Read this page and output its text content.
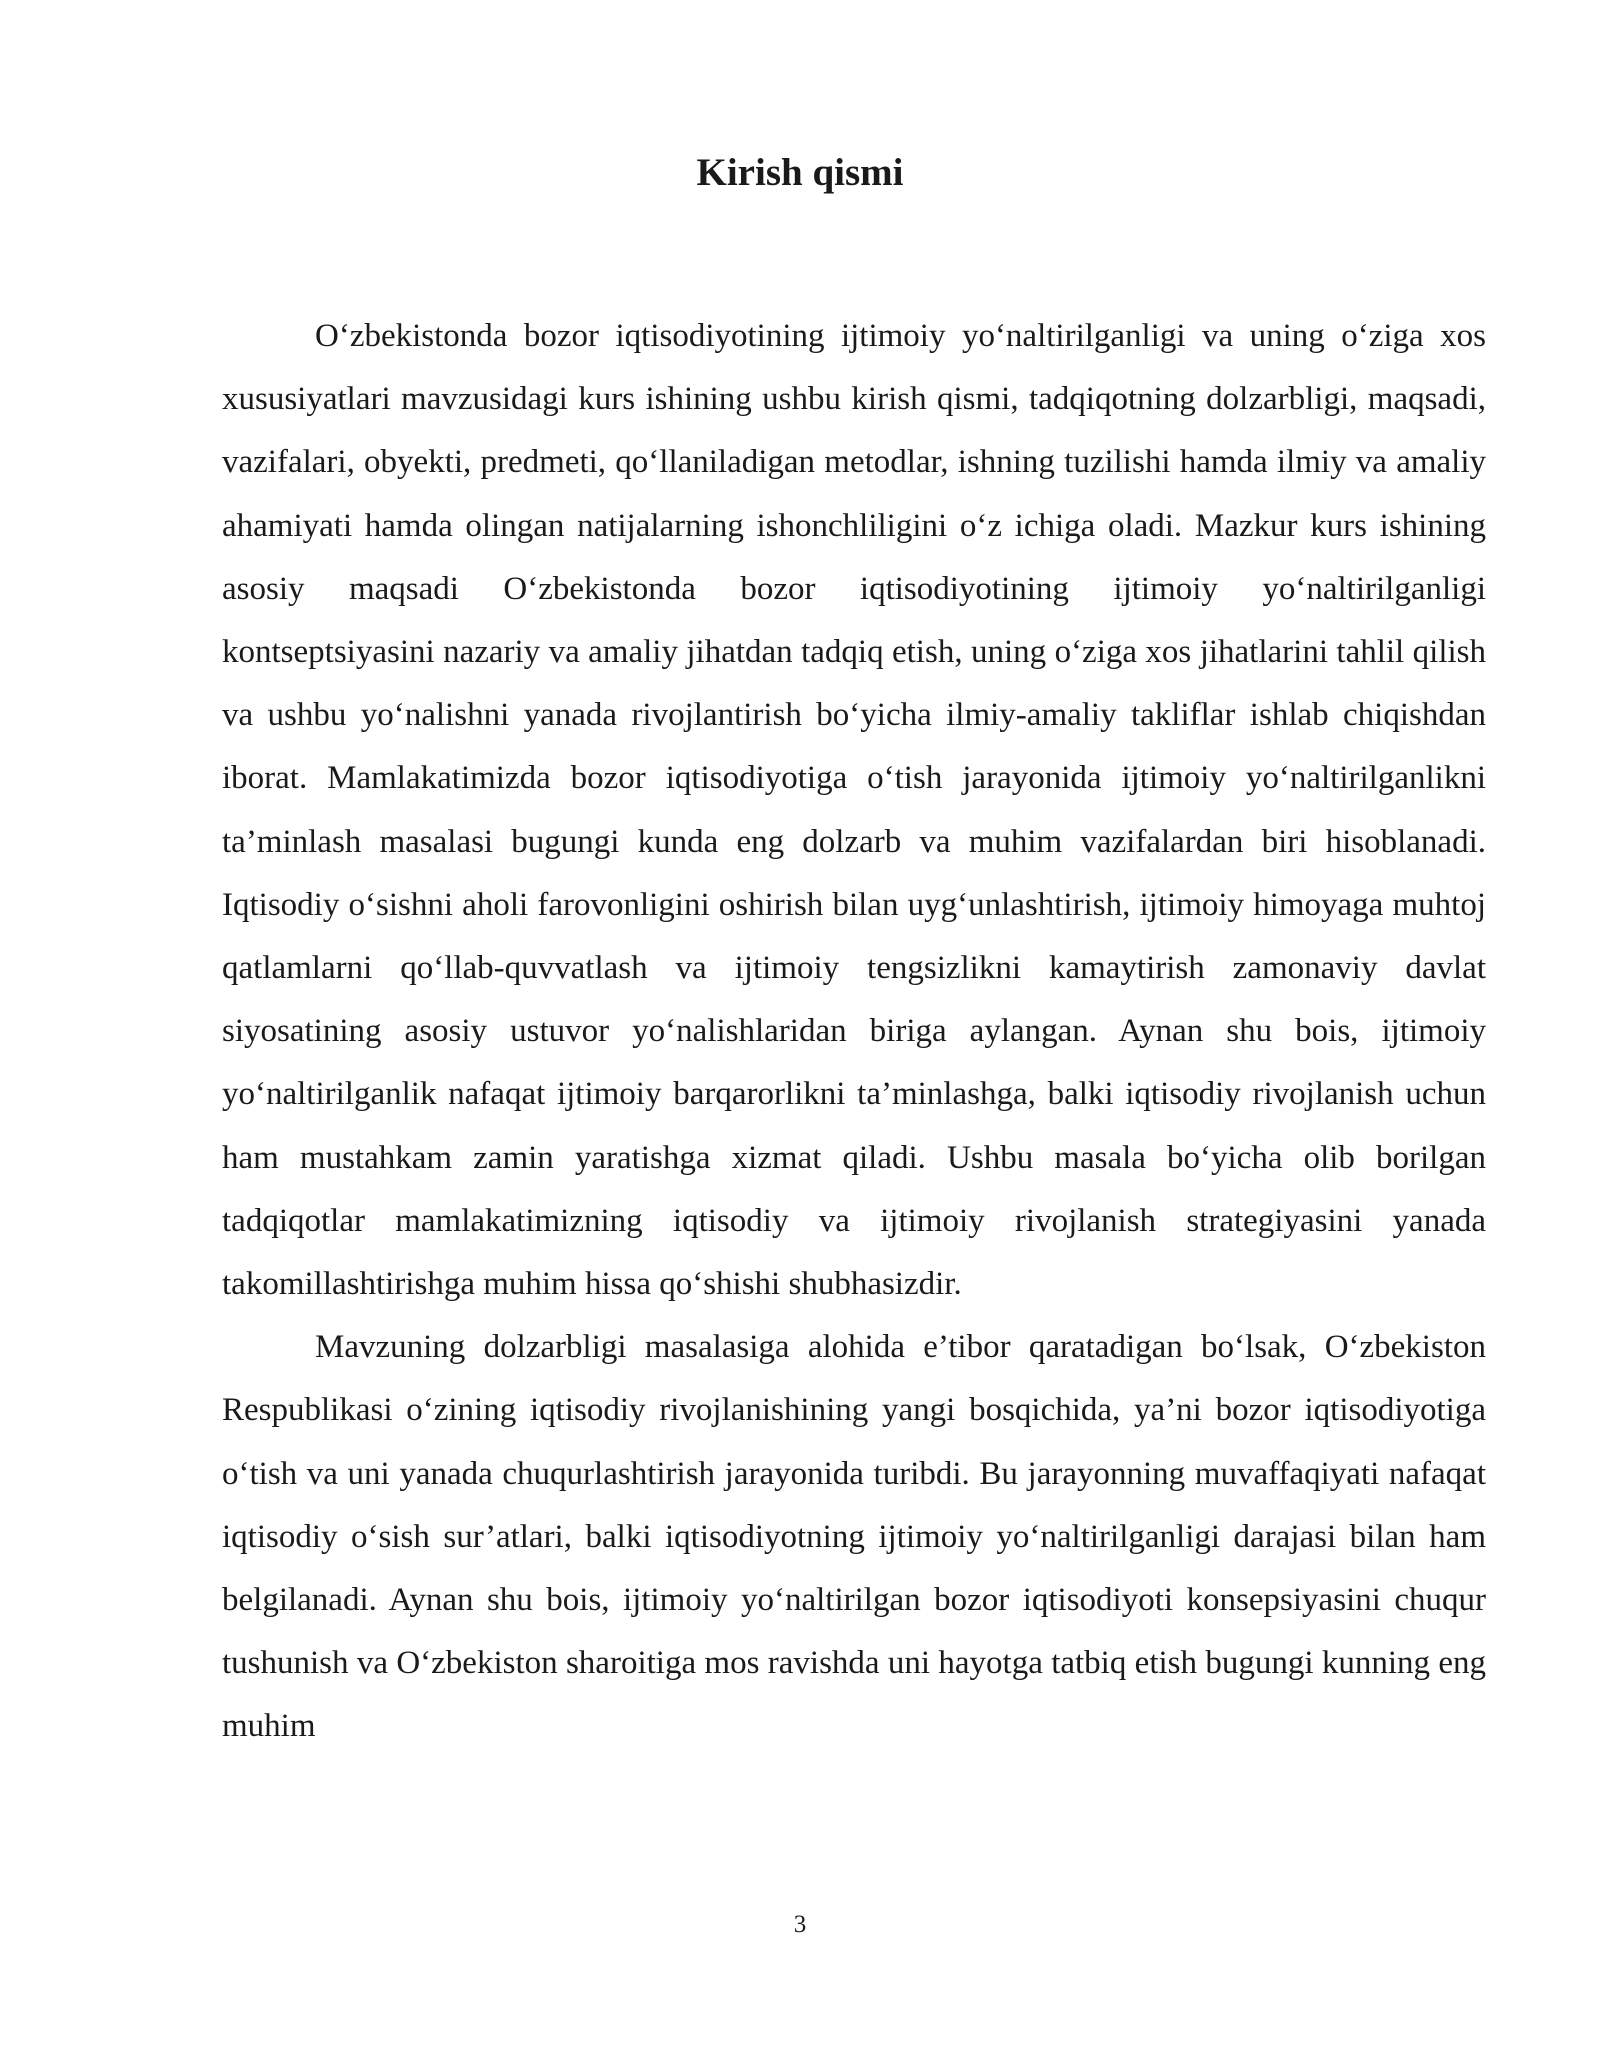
Kirish qismi

O‘zbekistonda bozor iqtisodiyotining ijtimoiy yo‘naltirilganligi va uning o‘ziga xos xususiyatlari mavzusidagi kurs ishining ushbu kirish qismi, tadqiqotning dolzarbligi, maqsadi, vazifalari, obyekti, predmeti, qo‘llaniladigan metodlar, ishning tuzilishi hamda ilmiy va amaliy ahamiyati hamda olingan natijalarning ishonchliligini o‘z ichiga oladi. Mazkur kurs ishining asosiy maqsadi O‘zbekistonda bozor iqtisodiyotining ijtimoiy yo‘naltirilganligi kontseptsiyasini nazariy va amaliy jihatdan tadqiq etish, uning o‘ziga xos jihatlarini tahlil qilish va ushbu yo‘nalishni yanada rivojlantirish bo‘yicha ilmiy-amaliy takliflar ishlab chiqishdan iborat. Mamlakatimizda bozor iqtisodiyotiga o‘tish jarayonida ijtimoiy yo‘naltirilganlikni ta’minlash masalasi bugungi kunda eng dolzarb va muhim vazifalardan biri hisoblanadi. Iqtisodiy o‘sishni aholi farovonligini oshirish bilan uyg‘unlashtirish, ijtimoiy himoyaga muhtoj qatlamlarni qo‘llab-quvvatlash va ijtimoiy tengsizlikni kamaytirish zamonaviy davlat siyosatining asosiy ustuvor yo‘nalishlaridan biriga aylangan. Aynan shu bois, ijtimoiy yo‘naltirilganlik nafaqat ijtimoiy barqarorlikni ta’minlashga, balki iqtisodiy rivojlanish uchun ham mustahkam zamin yaratishga xizmat qiladi. Ushbu masala bo‘yicha olib borilgan tadqiqotlar mamlakatimizning iqtisodiy va ijtimoiy rivojlanish strategiyasini yanada takomillashtirishga muhim hissa qo‘shishi shubhasizdir.

Mavzuning dolzarbligi masalasiga alohida e’tibor qaratadigan bo‘lsak, O‘zbekiston Respublikasi o‘zining iqtisodiy rivojlanishining yangi bosqichida, ya’ni bozor iqtisodiyotiga o‘tish va uni yanada chuqurlashtirish jarayonida turibdi. Bu jarayonning muvaffaqiyati nafaqat iqtisodiy o‘sish sur’atlari, balki iqtisodiyotning ijtimoiy yo‘naltirilganligi darajasi bilan ham belgilanadi. Aynan shu bois, ijtimoiy yo‘naltirilgan bozor iqtisodiyoti konsepsiyasini chuqur tushunish va O‘zbekiston sharoitiga mos ravishda uni hayotga tatbiq etish bugungi kunning eng muhim

3
